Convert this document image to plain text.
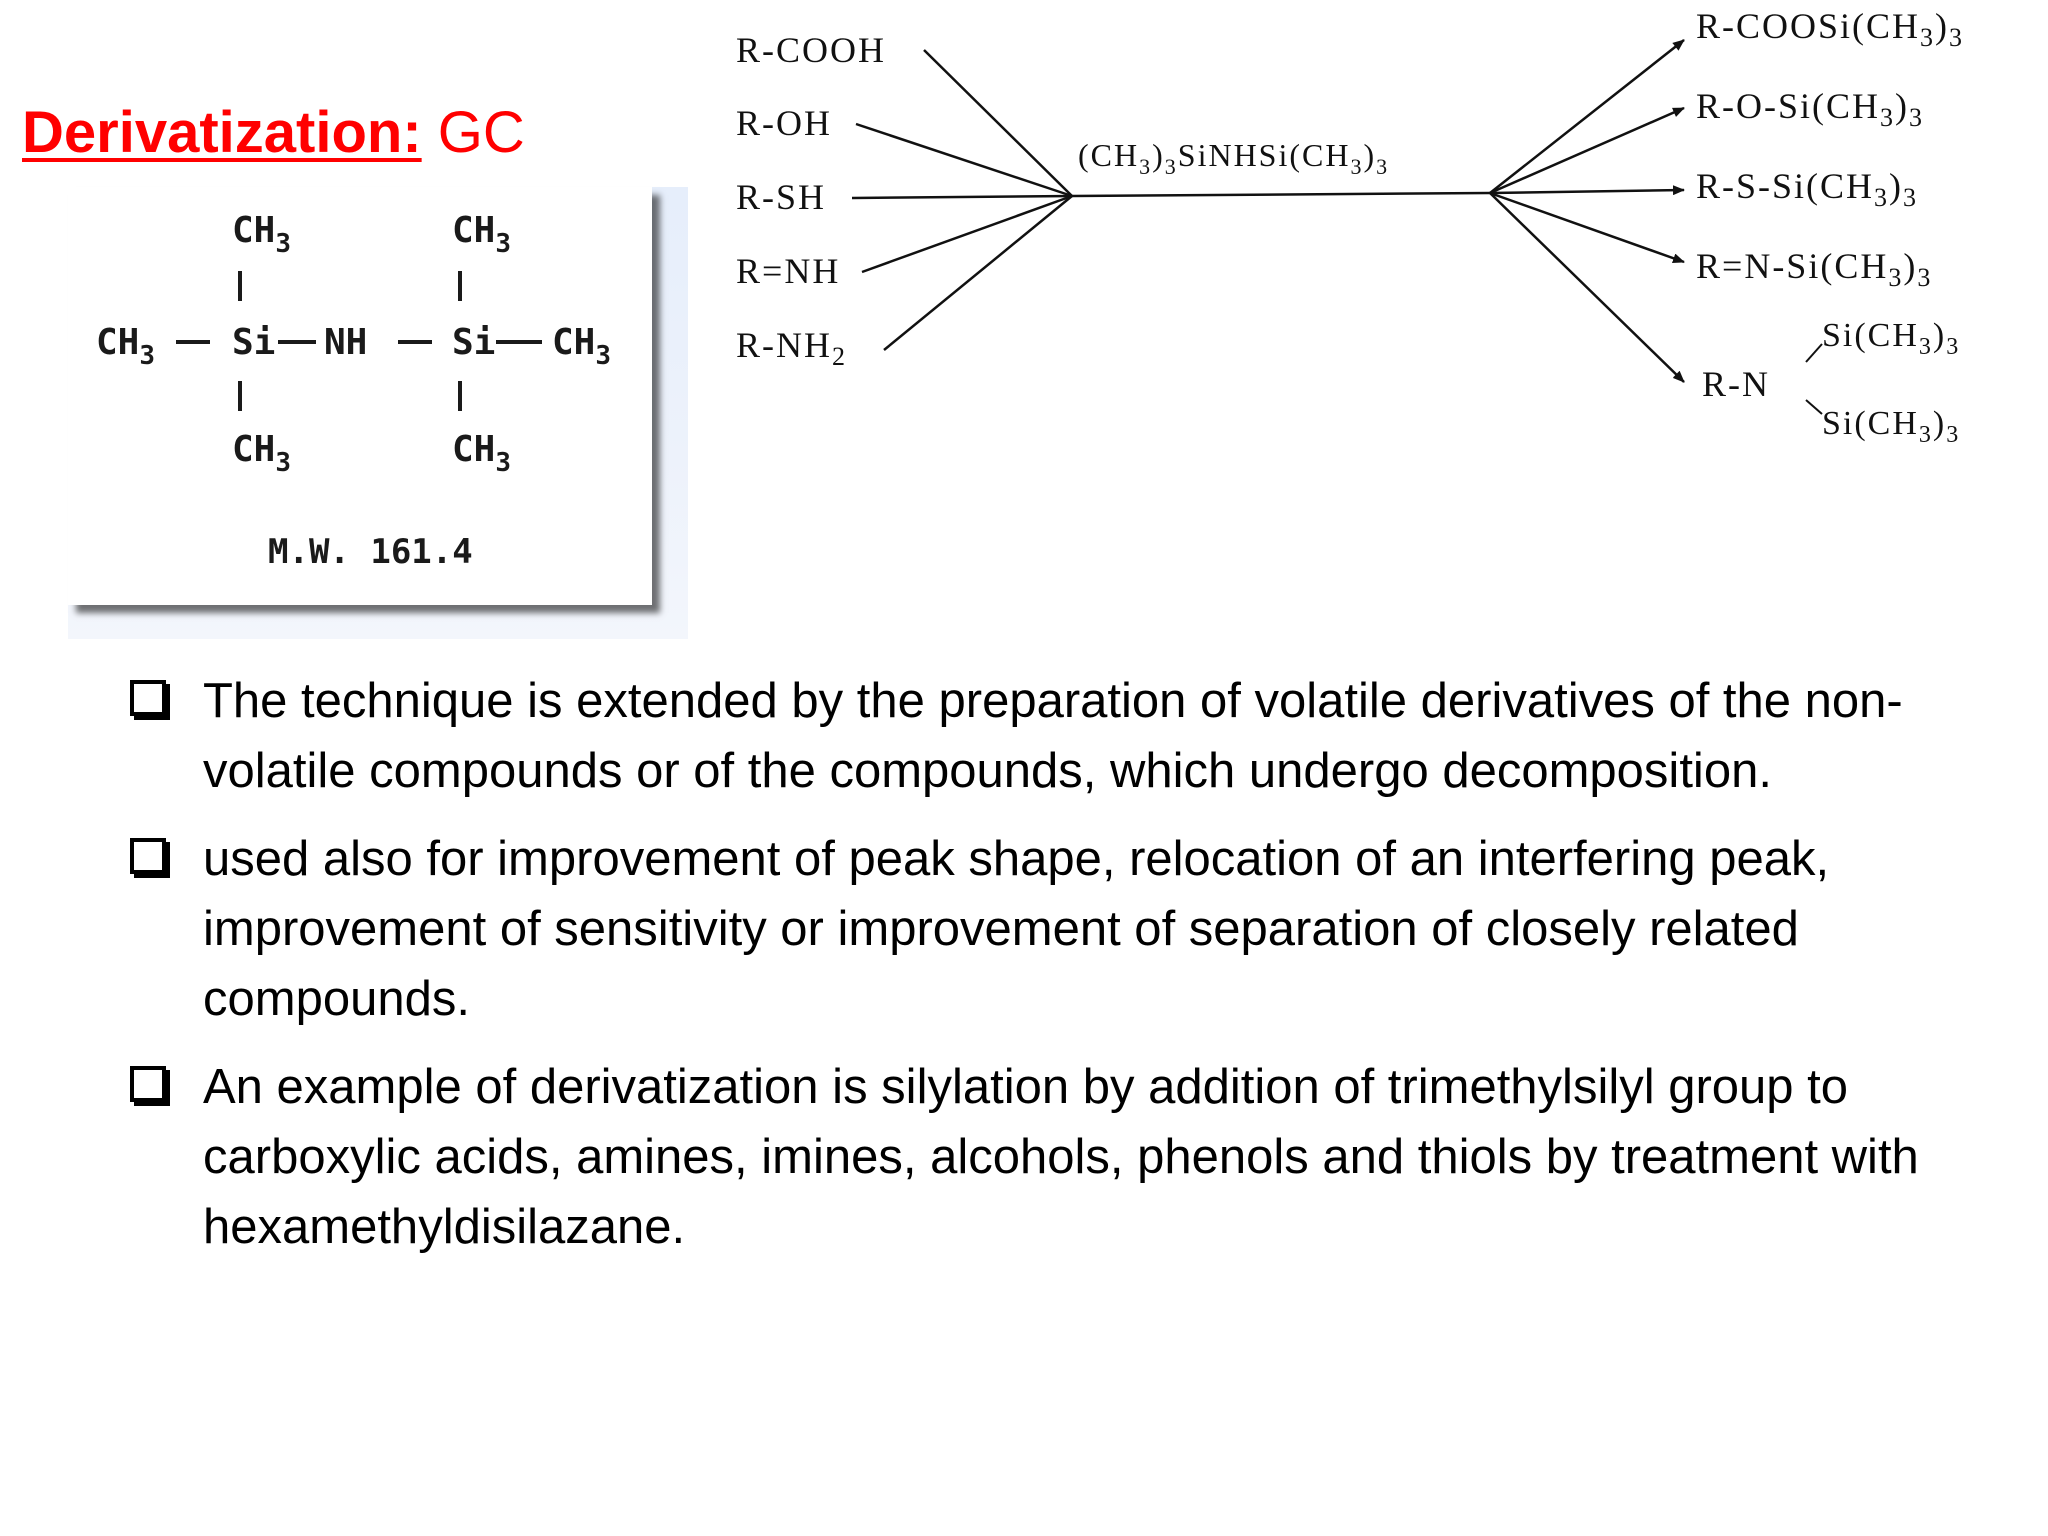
Derivatization: GC
$CH_3$	$CH_3$
$CH_3$ Si NH Si $CH_3$
$CH_3$	$CH_3$
M.W. 161.4
R-COOH
R-OH
R-SH
R=NH
$R-NH_2$
$(CH_3)_3SiNHSi(CH_3)_3$
$R-COOSi(CH_3)_3$
$R-O-Si(CH_3)_3$
$R-S-Si(CH_3)_3$
$R=N-Si(CH_3)_3$
$Si(CH_3)_3$
R-N
$Si(CH_3)_3$
The technique is extended by the preparation of volatile derivatives of the non-volatile compounds or of the compounds, which undergo decomposition.
used also for improvement of peak shape, relocation of an interfering peak, improvement of sensitivity or improvement of separation of closely related compounds.
An example of derivatization is silylation by addition of trimethylsilyl group to carboxylic acids, amines, imines, alcohols, phenols and thiols by treatment with hexamethyldisilazane.
